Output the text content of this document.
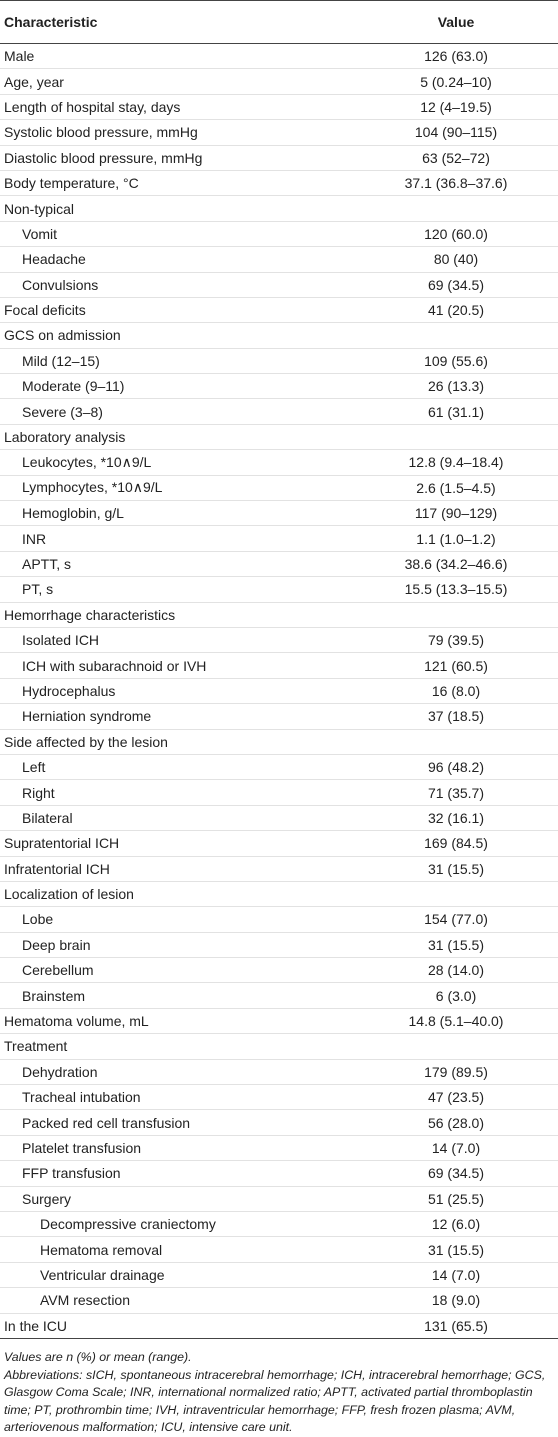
Characteristic	Value
Male	126 (63.0)
Age, year	5 (0.24–10)
Length of hospital stay, days	12 (4–19.5)
Systolic blood pressure, mmHg	104 (90–115)
Diastolic blood pressure, mmHg	63 (52–72)
Body temperature, °C	37.1 (36.8–37.6)
Non-typical	
Vomit	120 (60.0)
Headache	80 (40)
Convulsions	69 (34.5)
Focal deficits	41 (20.5)
GCS on admission	
Mild (12–15)	109 (55.6)
Moderate (9–11)	26 (13.3)
Severe (3–8)	61 (31.1)
Laboratory analysis	
Leukocytes, *10∧9/L	12.8 (9.4–18.4)
Lymphocytes, *10∧9/L	2.6 (1.5–4.5)
Hemoglobin, g/L	117 (90–129)
INR	1.1 (1.0–1.2)
APTT, s	38.6 (34.2–46.6)
PT, s	15.5 (13.3–15.5)
Hemorrhage characteristics	
Isolated ICH	79 (39.5)
ICH with subarachnoid or IVH	121 (60.5)
Hydrocephalus	16 (8.0)
Herniation syndrome	37 (18.5)
Side affected by the lesion	
Left	96 (48.2)
Right	71 (35.7)
Bilateral	32 (16.1)
Supratentorial ICH	169 (84.5)
Infratentorial ICH	31 (15.5)
Localization of lesion	
Lobe	154 (77.0)
Deep brain	31 (15.5)
Cerebellum	28 (14.0)
Brainstem	6 (3.0)
Hematoma volume, mL	14.8 (5.1–40.0)
Treatment	
Dehydration	179 (89.5)
Tracheal intubation	47 (23.5)
Packed red cell transfusion	56 (28.0)
Platelet transfusion	14 (7.0)
FFP transfusion	69 (34.5)
Surgery	51 (25.5)
Decompressive craniectomy	12 (6.0)
Hematoma removal	31 (15.5)
Ventricular drainage	14 (7.0)
AVM resection	18 (9.0)
In the ICU	131 (65.5)

Values are n (%) or mean (range).

Abbreviations: sICH, spontaneous intracerebral hemorrhage; ICH, intracerebral hemorrhage; GCS, Glasgow Coma Scale; INR, international normalized ratio; APTT, activated partial thromboplastin time; PT, prothrombin time; IVH, intraventricular hemorrhage; FFP, fresh frozen plasma; AVM, arteriovenous malformation; ICU, intensive care unit.
